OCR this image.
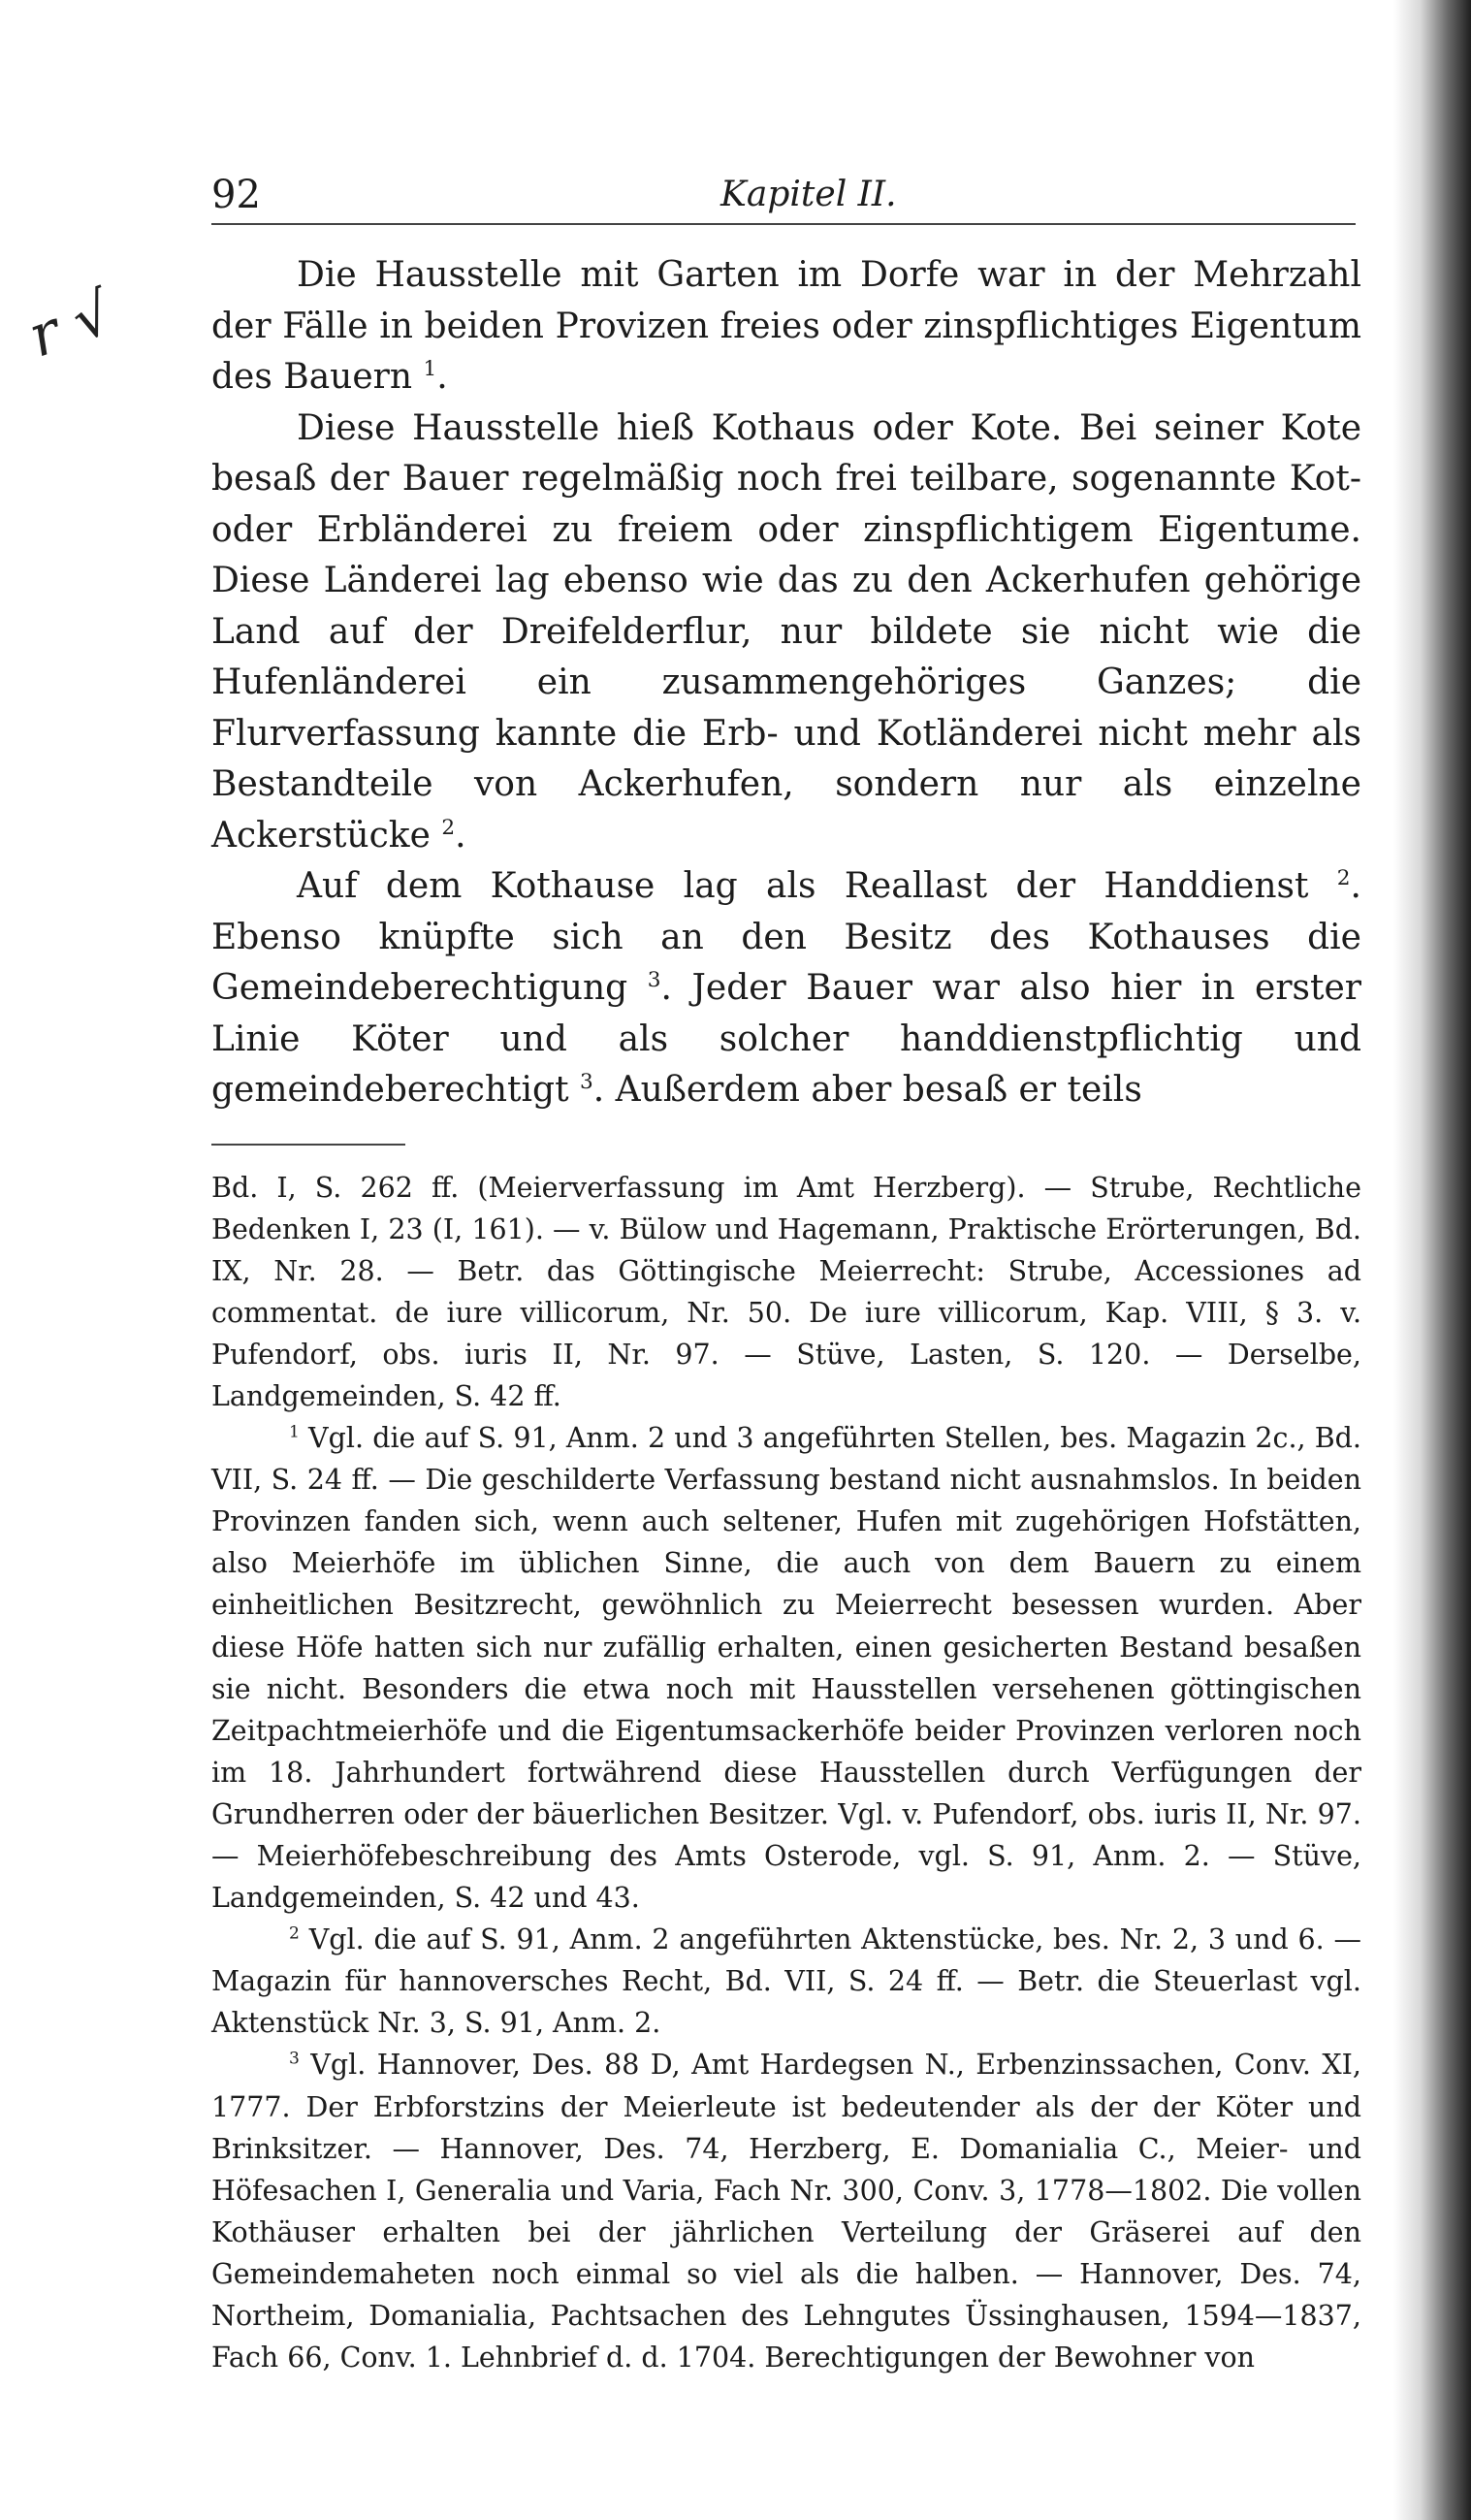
92	Kapitel II.
r √

Die Hausstelle mit Garten im Dorfe war in der Mehrzahl der Fälle in beiden Provizen freies oder zinspflichtiges Eigentum des Bauern $^1$.

Diese Hausstelle hieß Kothaus oder Kote. Bei seiner Kote besaß der Bauer regelmäßig noch frei teilbare, sogenannte Kot- oder Erbländerei zu freiem oder zinspflichtigem Eigentume. Diese Länderei lag ebenso wie das zu den Ackerhufen gehörige Land auf der Dreifelderflur, nur bildete sie nicht wie die Hufenländerei ein zusammengehöriges Ganzes; die Flurverfassung kannte die Erb- und Kotländerei nicht mehr als Bestandteile von Ackerhufen, sondern nur als einzelne Ackerstücke $^2$.

Auf dem Kothause lag als Reallast der Handdienst $^2$. Ebenso knüpfte sich an den Besitz des Kothauses die Gemeindeberechtigung $^3$. Jeder Bauer war also hier in erster Linie Köter und als solcher handdienstpflichtig und gemeindeberechtigt $^3$. Außerdem aber besaß er teils

Bd. I, S. 262 ff. (Meierverfassung im Amt Herzberg). — Strube, Rechtliche Bedenken I, 23 (I, 161). — v. Bülow und Hagemann, Praktische Erörterungen, Bd. IX, Nr. 28. — Betr. das Göttingische Meierrecht: Strube, Accessiones ad commentat. de iure villicorum, Nr. 50. De iure villicorum, Kap. VIII, § 3. v. Pufendorf, obs. iuris II, Nr. 97. — Stüve, Lasten, S. 120. — Derselbe, Landgemeinden, S. 42 ff.

$^1$ Vgl. die auf S. 91, Anm. 2 und 3 angeführten Stellen, bes. Magazin 2c., Bd. VII, S. 24 ff. — Die geschilderte Verfassung bestand nicht ausnahmslos. In beiden Provinzen fanden sich, wenn auch seltener, Hufen mit zugehörigen Hofstätten, also Meierhöfe im üblichen Sinne, die auch von dem Bauern zu einem einheitlichen Besitzrecht, gewöhnlich zu Meierrecht besessen wurden. Aber diese Höfe hatten sich nur zufällig erhalten, einen gesicherten Bestand besaßen sie nicht. Besonders die etwa noch mit Hausstellen versehenen göttingischen Zeitpachtmeierhöfe und die Eigentumsackerhöfe beider Provinzen verloren noch im 18. Jahrhundert fortwährend diese Hausstellen durch Verfügungen der Grundherren oder der bäuerlichen Besitzer. Vgl. v. Pufendorf, obs. iuris II, Nr. 97. — Meierhöfebeschreibung des Amts Osterode, vgl. S. 91, Anm. 2. — Stüve, Landgemeinden, S. 42 und 43.

$^2$ Vgl. die auf S. 91, Anm. 2 angeführten Aktenstücke, bes. Nr. 2, 3 und 6. — Magazin für hannoversches Recht, Bd. VII, S. 24 ff. — Betr. die Steuerlast vgl. Aktenstück Nr. 3, S. 91, Anm. 2.

$^3$ Vgl. Hannover, Des. 88 D, Amt Hardegsen N., Erbenzinssachen, Conv. XI, 1777. Der Erbforstzins der Meierleute ist bedeutender als der der Köter und Brinksitzer. — Hannover, Des. 74, Herzberg, E. Domanialia C., Meier- und Höfesachen I, Generalia und Varia, Fach Nr. 300, Conv. 3, 1778—1802. Die vollen Kothäuser erhalten bei der jährlichen Verteilung der Gräserei auf den Gemeindemaheten noch einmal so viel als die halben. — Hannover, Des. 74, Northeim, Domanialia, Pachtsachen des Lehngutes Üssinghausen, 1594—1837, Fach 66, Conv. 1. Lehnbrief d. d. 1704. Berechtigungen der Bewohner von
